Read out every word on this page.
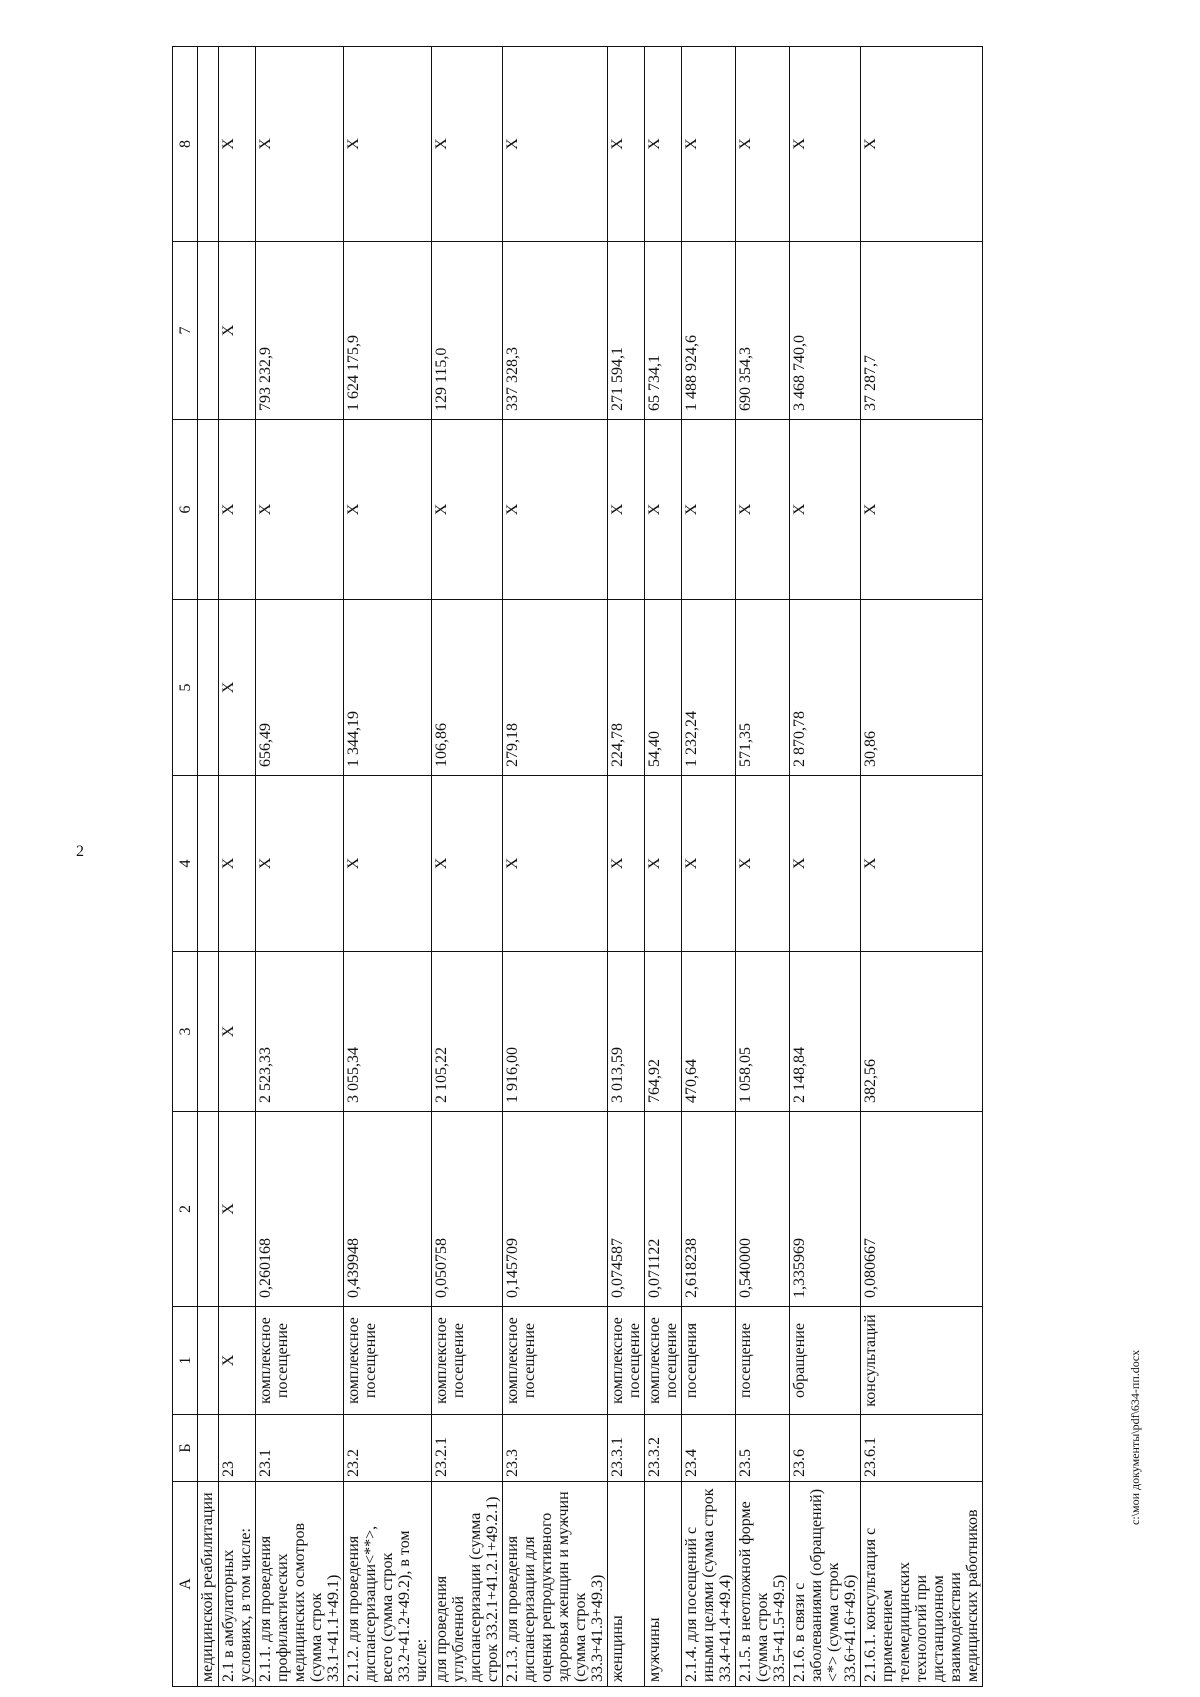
2
А	Б	1	2	3	4	5	6	7	8
медицинской реабилитации									
2.1 в амбулаторных условиях, в том числе:	23	Х	Х	Х	Х	Х	Х	Х	Х
2.1.1. для проведения профилактических медицинских осмотров (сумма строк 33.1+41.1+49.1)	23.1	комплексное посещение	0,260168	2 523,33	Х	656,49	Х	793 232,9	Х
2.1.2. для проведения диспансеризации<**>, всего (сумма строк 33.2+41.2+49.2), в том числе:	23.2	комплексное посещение	0,439948	3 055,34	Х	1 344,19	Х	1 624 175,9	Х
для проведения углубленной диспансеризации (сумма строк 33.2.1+41.2.1+49.2.1)	23.2.1	комплексное посещение	0,050758	2 105,22	Х	106,86	Х	129 115,0	Х
2.1.3. для проведения диспансеризации для оценки репродуктивного здоровья женщин и мужчин (сумма строк 33.3+41.3+49.3)	23.3	комплексное посещение	0,145709	1 916,00	Х	279,18	Х	337 328,3	Х
женщины	23.3.1	комплексное посещение	0,074587	3 013,59	Х	224,78	Х	271 594,1	Х
мужчины	23.3.2	комплексное посещение	0,071122	764,92	Х	54,40	Х	65 734,1	Х
2.1.4. для посещений с иными целями (сумма строк 33.4+41.4+49.4)	23.4	посещения	2,618238	470,64	Х	1 232,24	Х	1 488 924,6	Х
2.1.5. в неотложной форме (сумма строк 33.5+41.5+49.5)	23.5	посещение	0,540000	1 058,05	Х	571,35	Х	690 354,3	Х
2.1.6. в связи с заболеваниями (обращений) <*> (сумма строк 33.6+41.6+49.6)	23.6	обращение	1,335969	2 148,84	Х	2 870,78	Х	3 468 740,0	Х
2.1.6.1. консультация с применением телемедицинских технологий при дистанционном взаимодействии медицинских работников	23.6.1	консультаций	0,080667	382,56	Х	30,86	Х	37 287,7	Х
c:\мои документы\pdf\634-пп.docx
